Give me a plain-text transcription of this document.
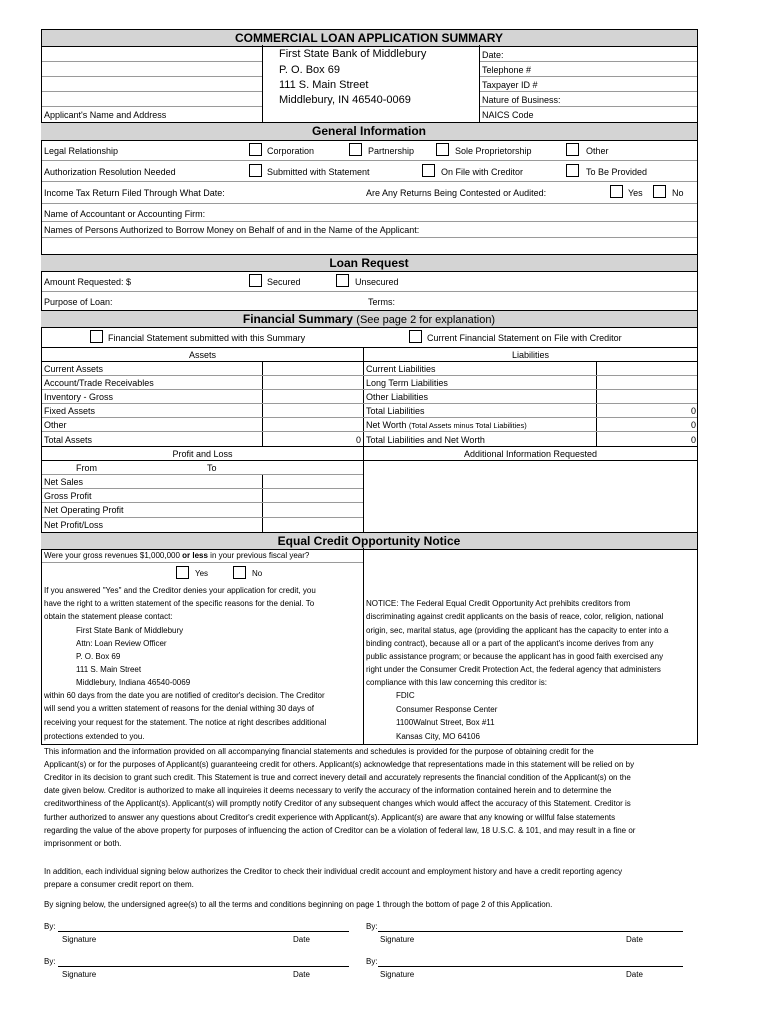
COMMERCIAL LOAN APPLICATION SUMMARY
First State Bank of Middlebury
P. O. Box 69
111 S. Main Street
Middlebury, IN 46540-0069
Applicant's Name and Address
Date:
Telephone #
Taxpayer ID #
Nature of Business:
NAICS Code
General Information
Legal Relationship	Corporation	Partnership	Sole Proprietorship	Other
Authorization Resolution Needed	Submitted with Statement	On File with Creditor	To Be Provided
Income Tax Return Filed Through What Date:	Are Any Returns Being Contested or Audited:	Yes	No
Name of Accountant or Accounting Firm:
Names of Persons Authorized to Borrow Money on Behalf of and in the Name of the Applicant:
Loan Request
Amount Requested: $	Secured	Unsecured
Purpose of Loan:	Terms:
Financial Summary (See page 2 for explanation)
Financial Statement submitted with this Summary	Current Financial Statement on File with Creditor
Assets	Liabilities
Current Assets
Account/Trade Receivables
Inventory - Gross
Fixed Assets
Other
Total Assets	0
Current Liabilities
Long Term Liabilities
Other Liabilities
Total Liabilities	0
Net Worth (Total Assets minus Total Liabilities)	0
Total Liabilities and Net Worth	0
Profit and Loss	Additional Information Requested
From	To
Net Sales
Gross Profit
Net Operating Profit
Net Profit/Loss
Equal Credit Opportunity Notice
Were your gross revenues $1,000,000 or less in your previous fiscal year?
Yes	No
If you answered "Yes" and the Creditor denies your application for credit, you
have the right to a written statement of the specific reasons for the denial. To
obtain the statement please contact:
First State Bank of Middlebury
Attn: Loan Review Officer
P. O. Box 69
111 S. Main Street
Middlebury, Indiana 46540-0069
within 60 days from the date you are notified of creditor's decision. The Creditor
will send you a written statement of reasons for the denial withing 30 days of
receiving your request for the statement. The notice at right describes additional
protections extended to you.
NOTICE: The Federal Equal Credit Opportunity Act prehibits creditors from
discriminating against credit applicants on the basis of reace, color, religion, national
origin, sec, marital status, age (providing the applicant has the capacity to enter into a
binding contract), because all or a part of the applicant's income derives from any
public assistance program; or because the applicant has in good faith exercised any
right under the Consumer Credit Protection Act, the federal agency that administers
compliance with this law concerning this creditor is:
FDIC
Consumer Response Center
1100Walnut Street, Box #11
Kansas City, MO 64106
This information and the information provided on all accompanying financial statements and schedules is provided for the purpose of obtaining credit for the
Applicant(s) or for the purposes of Applicant(s) guaranteeing credit for others. Applicant(s) acknowledge that representations made in this statement will be relied on by
Creditor in its decision to grant such credit. This Statement is true and correct inevery detail and accurately represents the financial condition of the Applicant(s) on the
date given below. Creditor is authorized to make all inquireies it deems necessary to verify the accuracy of the information contained herein and to determine the
creditworthiness of the Applicant(s). Applicant(s) will promptly notify Creditor of any subsequent changes which would affect the accuracy of this Statement. Creditor is
further authorized to answer any questions about Creditor's credit experience with Applicant(s). Applicant(s) are aware that any knowing or willful false statements
regarding the value of the above property for purposes of influencing the action of Creditor can be a violation of federal law, 18 U.S.C. & 101, and may result in a fine or
imprisonment or both.
In addition, each individual signing below authorizes the Creditor to check their individual credit account and employment history and have a credit reporting agency
prepare a consumer credit report on them.
By signing below, the undersigned agree(s) to all the terms and conditions beginning on page 1 through the bottom of page 2 of this Application.
By:
Signature	Date
By:
Signature	Date
By:
Signature	Date
By:
Signature	Date
